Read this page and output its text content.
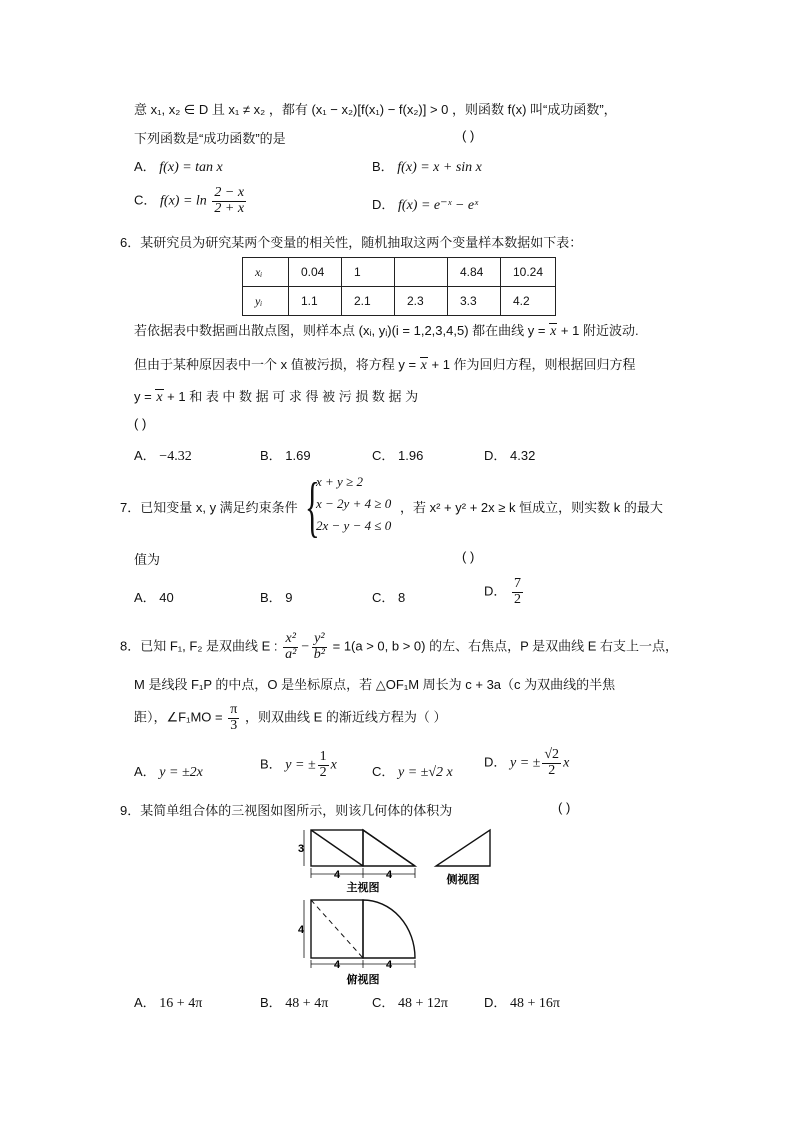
意 x₁, x₂ ∈ D 且 x₁ ≠ x₂ ，都有 (x₁ − x₂)[f(x₁) − f(x₂)] > 0 ，则函数 f(x) 叫“成功函数”，
下列函数是“成功函数”的是	( )
A． f(x) = tan x	B． f(x) = x + sin x
C． $f(x) = \ln \frac{2 - x}{2 + x}$	D． f(x) = e⁻ˣ − eˣ
6．某研究员为研究某两个变量的相关性，随机抽取这两个变量样本数据如下表：
xᵢ	0.04	1		4.84	10.24
yᵢ	1.1	2.1	2.3	3.3	4.2
若依据表中数据画出散点图，则样本点 (xᵢ, yᵢ)(i = 1,2,3,4,5) 都在曲线 y = x + 1 附近波动.
但由于某种原因表中一个 x 值被污损，将方程 y = x + 1 作为回归方程，则根据回归方程
y = x + 1 和 表 中 数 据 可 求 得 被 污 损 数 据 为
( )
A． −4.32	B． 1.69	C． 1.96	D． 4.32
7．已知变量 x, y 满足约束条件 {
x + y ≥ 2
x − 2y + 4 ≥ 0
2x − y − 4 ≤ 0
，若 x² + y² + 2x ≥ k 恒成立，则实数 k 的最大
值为	( )
A． 40	B． 9	C． 8	D． $\frac{7}{2}$
8．已知 F₁, F₂ 是双曲线 E : $\frac{\text{x²}}{\text{a²}} - \frac{\text{y²}}{\text{b²}} = 1(a > 0$, b > 0) 的左、右焦点，P 是双曲线 E 右支上一点，
M 是线段 F₁P 的中点，O 是坐标原点，若 △OF₁M 周长为 c + 3a（c 为双曲线的半焦
距），∠F₁MO = $\frac{\pi}{3}$ ，则双曲线 E 的渐近线方程为（ ）
A． y = ±2x
B． y = ± $\frac{1}{2}$ x	C． y = ±√2 x
D． y = ± $\frac{√2}{2}$ x
9．某简单组合体的三视图如图所示，则该几何体的体积为	( )
3
4	4
主视图
侧视图
4
4	4
俯视图
A． 16 + 4π	B． 48 + 4π	C． 48 + 12π	D． 48 + 16π
